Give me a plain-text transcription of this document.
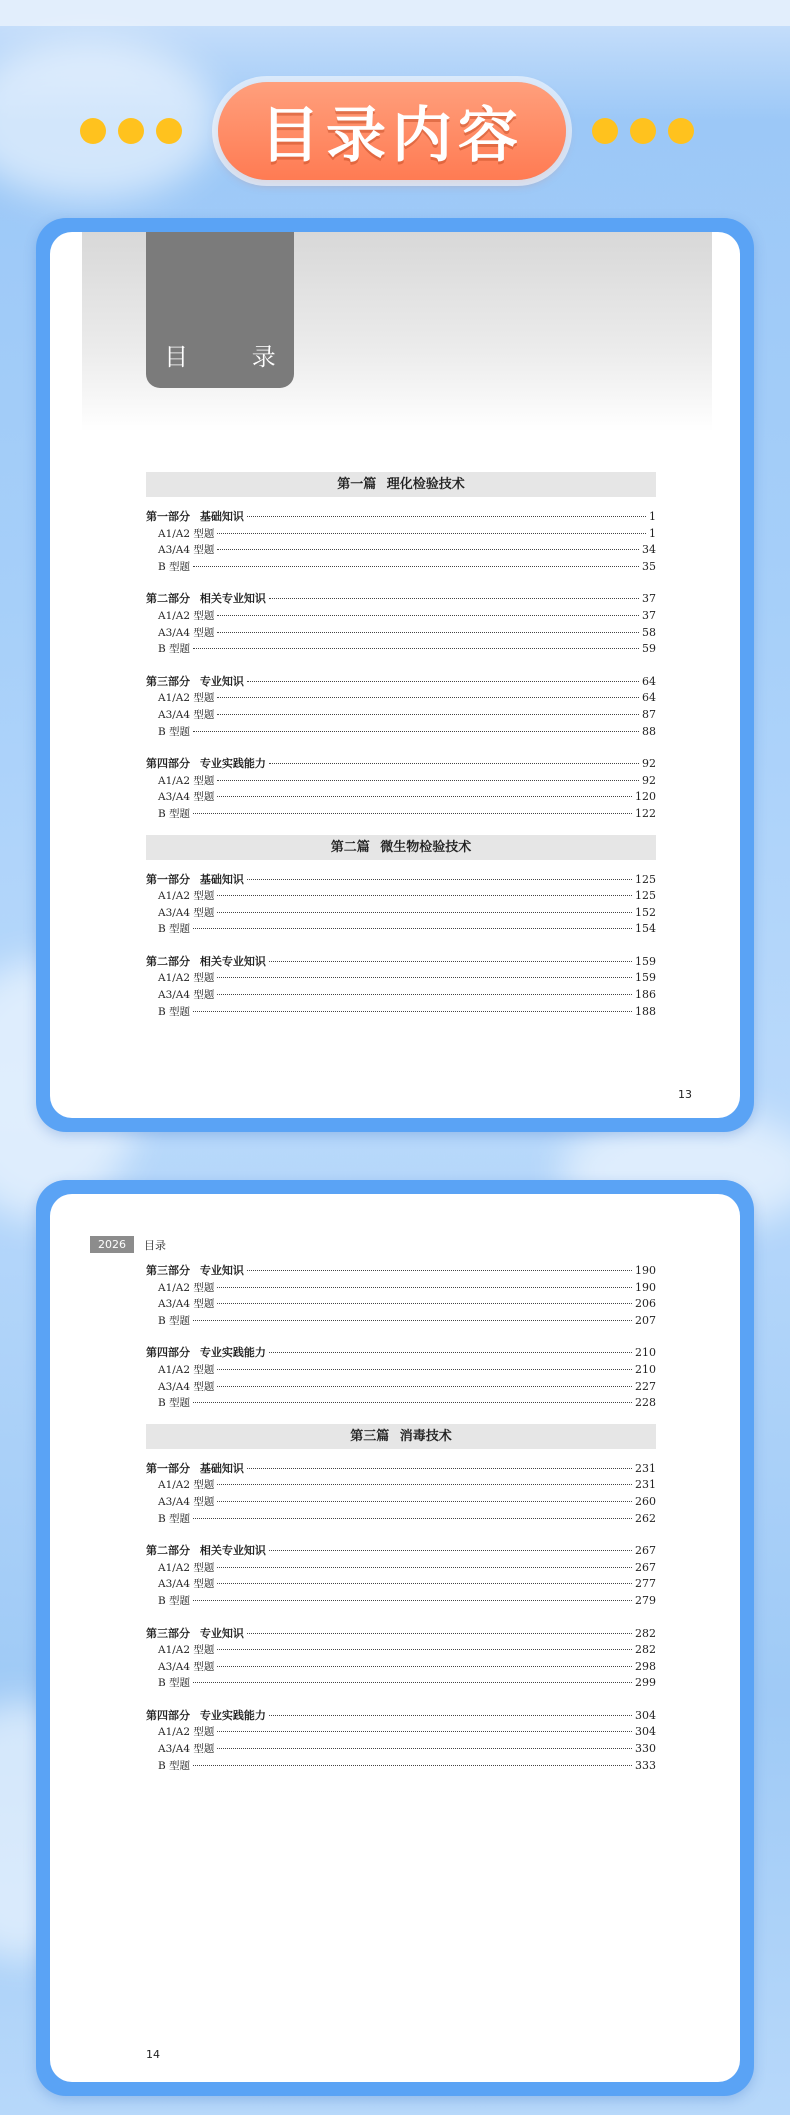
目录内容
目 录
第一篇 理化检验技术
第一部分 基础知识	1
A1/A2 型题	1
A3/A4 型题	34
B 型题	35
第二部分 相关专业知识	37
A1/A2 型题	37
A3/A4 型题	58
B 型题	59
第三部分 专业知识	64
A1/A2 型题	64
A3/A4 型题	87
B 型题	88
第四部分 专业实践能力	92
A1/A2 型题	92
A3/A4 型题	120
B 型题	122
第二篇 微生物检验技术
第一部分 基础知识	125
A1/A2 型题	125
A3/A4 型题	152
B 型题	154
第二部分 相关专业知识	159
A1/A2 型题	159
A3/A4 型题	186
B 型题	188
13
2026	目录
第三部分 专业知识	190
A1/A2 型题	190
A3/A4 型题	206
B 型题	207
第四部分 专业实践能力	210
A1/A2 型题	210
A3/A4 型题	227
B 型题	228
第三篇 消毒技术
第一部分 基础知识	231
A1/A2 型题	231
A3/A4 型题	260
B 型题	262
第二部分 相关专业知识	267
A1/A2 型题	267
A3/A4 型题	277
B 型题	279
第三部分 专业知识	282
A1/A2 型题	282
A3/A4 型题	298
B 型题	299
第四部分 专业实践能力	304
A1/A2 型题	304
A3/A4 型题	330
B 型题	333
14
